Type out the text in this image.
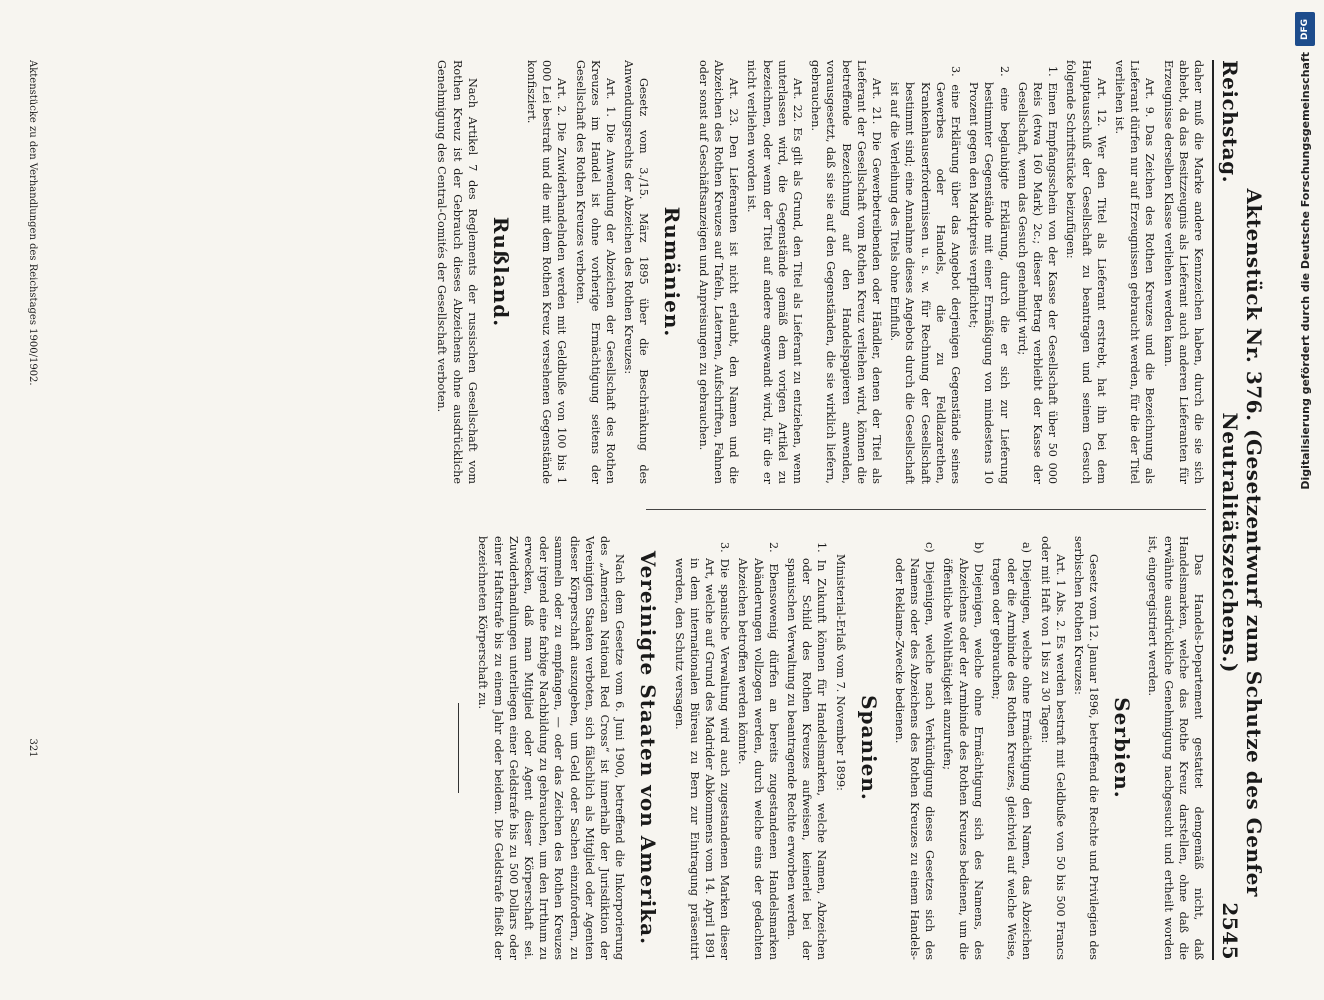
Reichstag.
Aktenstück Nr. 376. (Gesetzentwurf zum Schutze des Genfer Neutralitätszeichens.)
2545

daher muß die Marke andere Kennzeichen haben, durch die sie sich abhebt, da das Besitzzeugnis als Lieferant auch anderen Lieferanten für Erzeugnisse derselben Klasse verliehen werden kann.

Art. 9. Das Zeichen des Rothen Kreuzes und die Bezeichnung als Lieferant dürfen nur auf Erzeugnissen gebraucht werden, für die der Titel verliehen ist.

Art. 12. Wer den Titel als Lieferant erstrebt, hat ihn bei dem Hauptausschuß der Gesellschaft zu beantragen und seinem Gesuch folgende Schriftstücke beizufügen:

1. Einen Empfangsschein von der Kasse der Gesellschaft über 50 000 Reis (etwa 160 Mark) 2c.; dieser Betrag verbleibt der Kasse der Gesellschaft, wenn das Gesuch genehmigt wird;
2. eine beglaubigte Erklärung, durch die er sich zur Lieferung bestimmter Gegenstände mit einer Ermäßigung von mindestens 10 Prozent gegen den Marktpreis verpflichtet;
3. eine Erklärung über das Angebot derjenigen Gegenstände seines Gewerbes oder Handels, die zu Feldlazarethen, Krankenhauserfordernissen u. s. w. für Rechnung der Gesellschaft bestimmt sind; eine Annahme dieses Angebots durch die Gesellschaft ist auf die Verleihung des Titels ohne Einfluß.

Art. 21. Die Gewerbetreibenden oder Händler, denen der Titel als Lieferant der Gesellschaft vom Rothen Kreuz verliehen wird, können die betreffende Bezeichnung auf den Handelspapieren anwenden, vorausgesetzt, daß sie sie auf den Gegenständen, die sie wirklich liefern, gebrauchen.

Art. 22. Es gilt als Grund, den Titel als Lieferant zu entziehen, wenn unterlassen wird, die Gegenstände gemäß dem vorigen Artikel zu bezeichnen, oder wenn der Titel auf andere angewandt wird, für die er nicht verliehen worden ist.

Art. 23. Den Lieferanten ist nicht erlaubt, den Namen und die Abzeichen des Rothen Kreuzes auf Tafeln, Laternen, Aufschriften, Fahnen oder sonst auf Geschäftsanzeigen und Anpreisungen zu gebrauchen.

Rumänien.

Gesetz vom 3./15. März 1895 über die Beschränkung des Anwendungsrechts der Abzeichen des Rothen Kreuzes:

Art. 1. Die Anwendung der Abzeichen der Gesellschaft des Rothen Kreuzes im Handel ist ohne vorherige Ermächtigung seitens der Gesellschaft des Rothen Kreuzes verboten.

Art. 2. Die Zuwiderhandelnden werden mit Geldbuße von 100 bis 1 000 Lei bestraft und die mit dem Rothen Kreuz versehenen Gegenstände konfisziert.

Rußland.

Nach Artikel 7 des Reglements der russischen Gesellschaft vom Rothen Kreuz ist der Gebrauch dieses Abzeichens ohne ausdrückliche Genehmigung des Central-Comités der Gesellschaft verboten.

Das Handels-Departement gestattet demgemäß nicht, daß Handelsmarken, welche das Rothe Kreuz darstellen, ohne daß die erwähnte ausdrückliche Genehmigung nachgesucht und ertheilt worden ist, eingeregistriert werden.

Serbien.

Gesetz vom 12. Januar 1896, betreffend die Rechte und Privilegien des serbischen Rothen Kreuzes:

Art. 1 Abs. 2. Es werden bestraft mit Geldbuße von 50 bis 500 Francs oder mit Haft von 1 bis zu 30 Tagen:

a) Diejenigen, welche ohne Ermächtigung den Namen, das Abzeichen oder die Armbinde des Rothen Kreuzes, gleichviel auf welche Weise, tragen oder gebrauchen;
b) Diejenigen, welche ohne Ermächtigung sich des Namens, des Abzeichens oder der Armbinde des Rothen Kreuzes bedienen, um die öffentliche Wohlthätigkeit anzurufen;
c) Diejenigen, welche nach Verkündigung dieses Gesetzes sich des Namens oder des Abzeichens des Rothen Kreuzes zu einem Handels- oder Reklame-Zwecke bedienen.
Spanien.

Ministerial-Erlaß vom 7. November 1899:

1. In Zukunft können für Handelsmarken, welche Namen, Abzeichen oder Schild des Rothen Kreuzes aufweisen, keinerlei bei der spanischen Verwaltung zu beantragende Rechte erworben werden.
2. Ebensowenig dürfen an bereits zugestandenen Handelsmarken Abänderungen vollzogen werden, durch welche eins der gedachten Abzeichen betroffen werden könnte.
3. Die spanische Verwaltung wird auch zugestandenen Marken dieser Art, welche auf Grund des Madrider Abkommens vom 14. April 1891 in dem internationalen Büreau zu Bern zur Eintragung präsentirt werden, den Schutz versagen.
Vereinigte Staaten von Amerika.

Nach dem Gesetze vom 6. Juni 1900, betreffend die Inkorporierung des „American National Red Cross“ ist innerhalb der Jurisdiktion der Vereinigten Staaten verboten, sich fälschlich als Mitglied oder Agenten dieser Körperschaft auszugeben, um Geld oder Sachen einzufordern, zu sammeln oder zu empfangen, — oder das Zeichen des Rothen Kreuzes oder irgend eine farbige Nachbildung zu gebrauchen, um den Irrthum zu erwecken, daß man Mitglied oder Agent dieser Körperschaft sei. Zuwiderhandlungen unterliegen einer Geldstrafe bis zu 500 Dollars oder einer Haftstrafe bis zu einem Jahr oder beidem. Die Geldstrafe fließt der bezeichneten Körperschaft zu.

Aktenstücke zu den Verhandlungen des Reichstages 1900/1902.
321
DFG
Digitalisierung gefördert durch die Deutsche Forschungsgemeinschaft
